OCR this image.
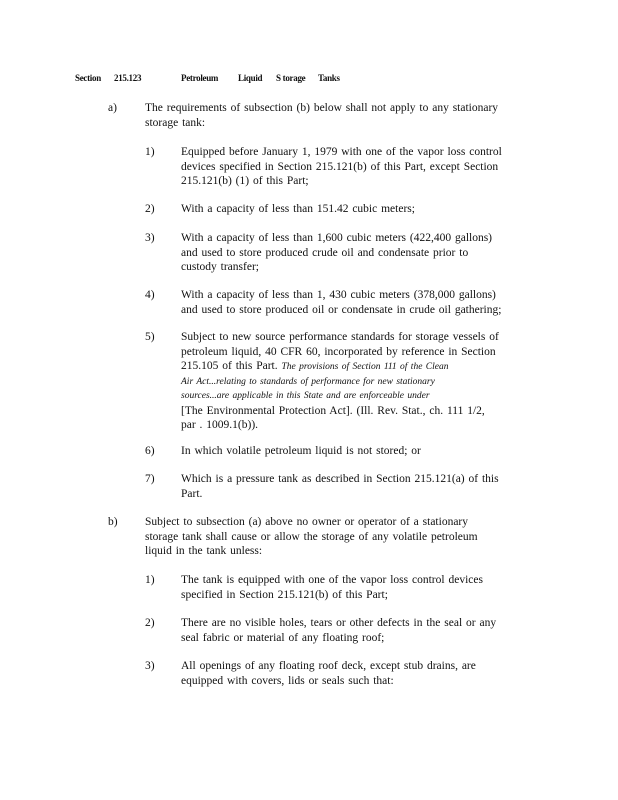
Section 215.123	Petroleum Liquid S torage Tanks
a) The requirements of subsection (b) below shall not apply to any stationary
storage tank:
1) Equipped before January 1, 1979 with one of the vapor loss control
devices specified in Section 215.121(b) of this Part, except Section
215.121(b) (1) of this Part;
2) With a capacity of less than 151.42 cubic meters;
3) With a capacity of less than 1,600 cubic meters (422,400 gallons)
and used to store produced crude oil and condensate prior to
custody transfer;
4) With a capacity of less than 1, 430 cubic meters (378,000 gallons)
and used to store produced oil or condensate in crude oil gathering;
5) Subject to new source performance standards for storage vessels of
petroleum liquid, 40 CFR 60, incorporated by reference in Section
215.105 of this Part. The provisions of Section 111 of the Clean
Air Act...relating to standards of performance for new stationary
sources...are applicable in this State and are enforceable under
[The Environmental Protection Act]. (Ill. Rev. Stat., ch. 111 1/2,
par . 1009.1(b)).
6) In which volatile petroleum liquid is not stored; or
7) Which is a pressure tank as described in Section 215.121(a) of this
Part.
b) Subject to subsection (a) above no owner or operator of a stationary
storage tank shall cause or allow the storage of any volatile petroleum
liquid in the tank unless:
1) The tank is equipped with one of the vapor loss control devices
specified in Section 215.121(b) of this Part;
2) There are no visible holes, tears or other defects in the seal or any
seal fabric or material of any floating roof;
3) All openings of any floating roof deck, except stub drains, are
equipped with covers, lids or seals such that:
